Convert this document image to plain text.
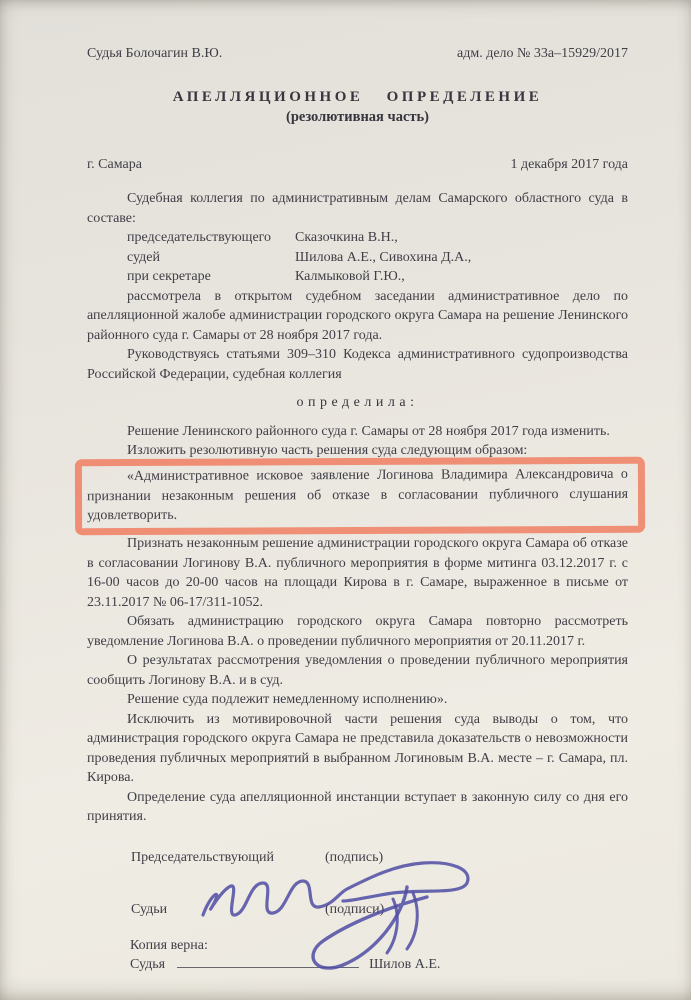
Судья Болочагин В.Ю.	адм. дело № 33а–15929/2017
АПЕЛЛЯЦИОННОЕ ОПРЕДЕЛЕНИЕ
(резолютивная часть)
г. Самара	1 декабря 2017 года

Судебная коллегия по административным делам Самарского областного суда в составе:

председательствующего	Сказочкина В.Н.,
судей	Шилова А.Е., Сивохина Д.А.,
при секретаре	Калмыковой Г.Ю.,

рассмотрела в открытом судебном заседании административное дело по апелляционной жалобе администрации городского округа Самара на решение Ленинского районного суда г. Самары от 28 ноября 2017 года.

Руководствуясь статьями 309–310 Кодекса административного судопроизводства Российской Федерации, судебная коллегия

определила:

Решение Ленинского районного суда г. Самары от 28 ноября 2017 года изменить.

Изложить резолютивную часть решения суда следующим образом:

«Административное исковое заявление Логинова Владимира Александровича о признании незаконным решения об отказе в согласовании публичного слушания удовлетворить.

Признать незаконным решение администрации городского округа Самара об отказе в согласовании Логинову В.А. публичного мероприятия в форме митинга 03.12.2017 г. с 16-00 часов до 20-00 часов на площади Кирова в г. Самаре, выраженное в письме от 23.11.2017 № 06-17/311-1052.

Обязать администрацию городского округа Самара повторно рассмотреть уведомление Логинова В.А. о проведении публичного мероприятия от 20.11.2017 г.

О результатах рассмотрения уведомления о проведении публичного мероприятия сообщить Логинову В.А. и в суд.

Решение суда подлежит немедленному исполнению».

Исключить из мотивировочной части решения суда выводы о том, что администрация городского округа Самара не представила доказательств о невозможности проведения публичных мероприятий в выбранном Логиновым В.А. месте – г. Самара, пл. Кирова.

Определение суда апелляционной инстанции вступает в законную силу со дня его принятия.

Председательствующий	(подпись)
Судьи	(подписи)
Копия верна:
Судья	Шилов А.Е.
